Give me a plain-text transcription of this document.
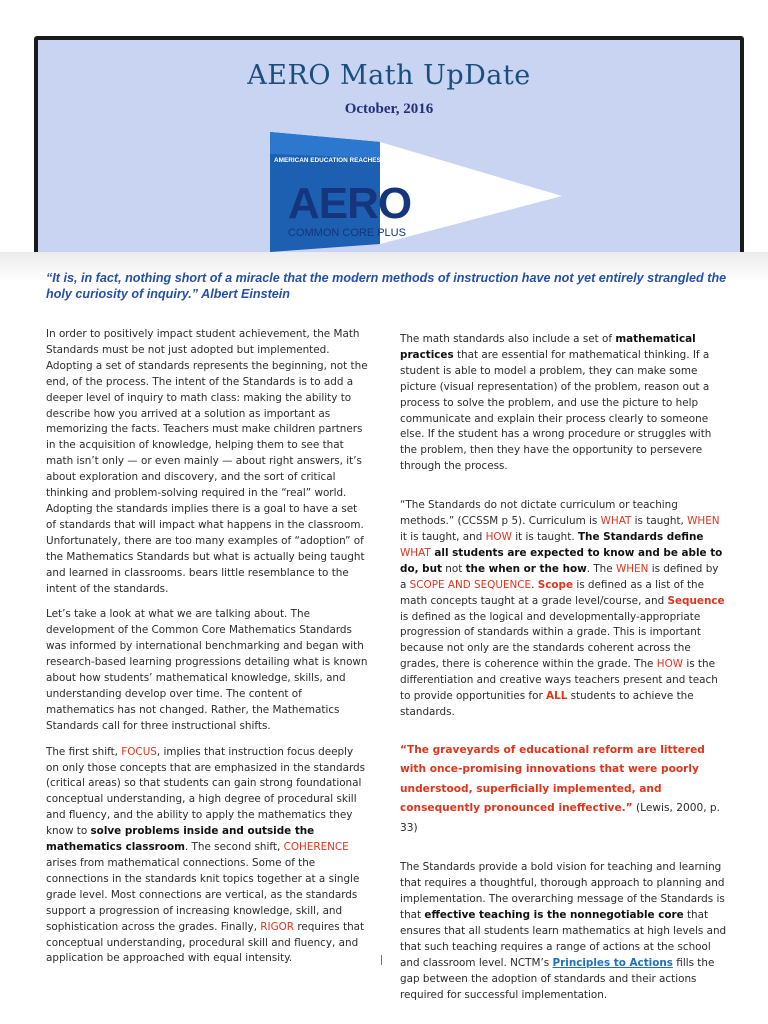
AERO Math UpDate
October, 2016
AMERICAN EDUCATION REACHES OUT
AERO
COMMON CORE PLUS
“It is, in fact, nothing short of a miracle that the modern methods of instruction have not yet entirely strangled the holy curiosity of inquiry.” Albert Einstein

In order to positively impact student achievement, the Math Standards must be not just adopted but implemented. Adopting a set of standards represents the beginning, not the end, of the process. The intent of the Standards is to add a deeper level of inquiry to math class: making the ability to describe how you arrived at a solution as important as memorizing the facts. Teachers must make children partners in the acquisition of knowledge, helping them to see that math isn’t only — or even mainly — about right answers, it’s about exploration and discovery, and the sort of critical thinking and problem-solving required in the “real” world. Adopting the standards implies there is a goal to have a set of standards that will impact what happens in the classroom. Unfortunately, there are too many examples of “adoption” of the Mathematics Standards but what is actually being taught and learned in classrooms. bears little resemblance to the intent of the standards.

Let’s take a look at what we are talking about. The development of the Common Core Mathematics Standards was informed by international benchmarking and began with research-based learning progressions detailing what is known about how students’ mathematical knowledge, skills, and understanding develop over time. The content of mathematics has not changed. Rather, the Mathematics Standards call for three instructional shifts.

The first shift, FOCUS, implies that instruction focus deeply on only those concepts that are emphasized in the standards (critical areas) so that students can gain strong foundational conceptual understanding, a high degree of procedural skill and fluency, and the ability to apply the mathematics they know to solve problems inside and outside the mathematics classroom. The second shift, COHERENCE arises from mathematical connections. Some of the connections in the standards knit topics together at a single grade level. Most connections are vertical, as the standards support a progression of increasing knowledge, skill, and sophistication across the grades. Finally, RIGOR requires that conceptual understanding, procedural skill and fluency, and application be approached with equal intensity.

The math standards also include a set of mathematical practices that are essential for mathematical thinking. If a student is able to model a problem, they can make some picture (visual representation) of the problem, reason out a process to solve the problem, and use the picture to help communicate and explain their process clearly to someone else. If the student has a wrong procedure or struggles with the problem, then they have the opportunity to persevere through the process.

“The Standards do not dictate curriculum or teaching methods.” (CCSSM p 5). Curriculum is WHAT is taught, WHEN it is taught, and HOW it is taught. The Standards define WHAT all students are expected to know and be able to do, but not the when or the how. The WHEN is defined by a SCOPE AND SEQUENCE. Scope is defined as a list of the math concepts taught at a grade level/course, and Sequence is defined as the logical and developmentally-appropriate progression of standards within a grade. This is important because not only are the standards coherent across the grades, there is coherence within the grade. The HOW is the differentiation and creative ways teachers present and teach to provide opportunities for ALL students to achieve the standards.

“The graveyards of educational reform are littered with once-promising innovations that were poorly understood, superficially implemented, and consequently pronounced ineffective.” (Lewis, 2000, p. 33)

The Standards provide a bold vision for teaching and learning that requires a thoughtful, thorough approach to planning and implementation. The overarching message of the Standards is that effective teaching is the nonnegotiable core that ensures that all students learn mathematics at high levels and that such teaching requires a range of actions at the school and classroom level. NCTM’s Principles to Actions fills the gap between the adoption of standards and their actions required for successful implementation.
